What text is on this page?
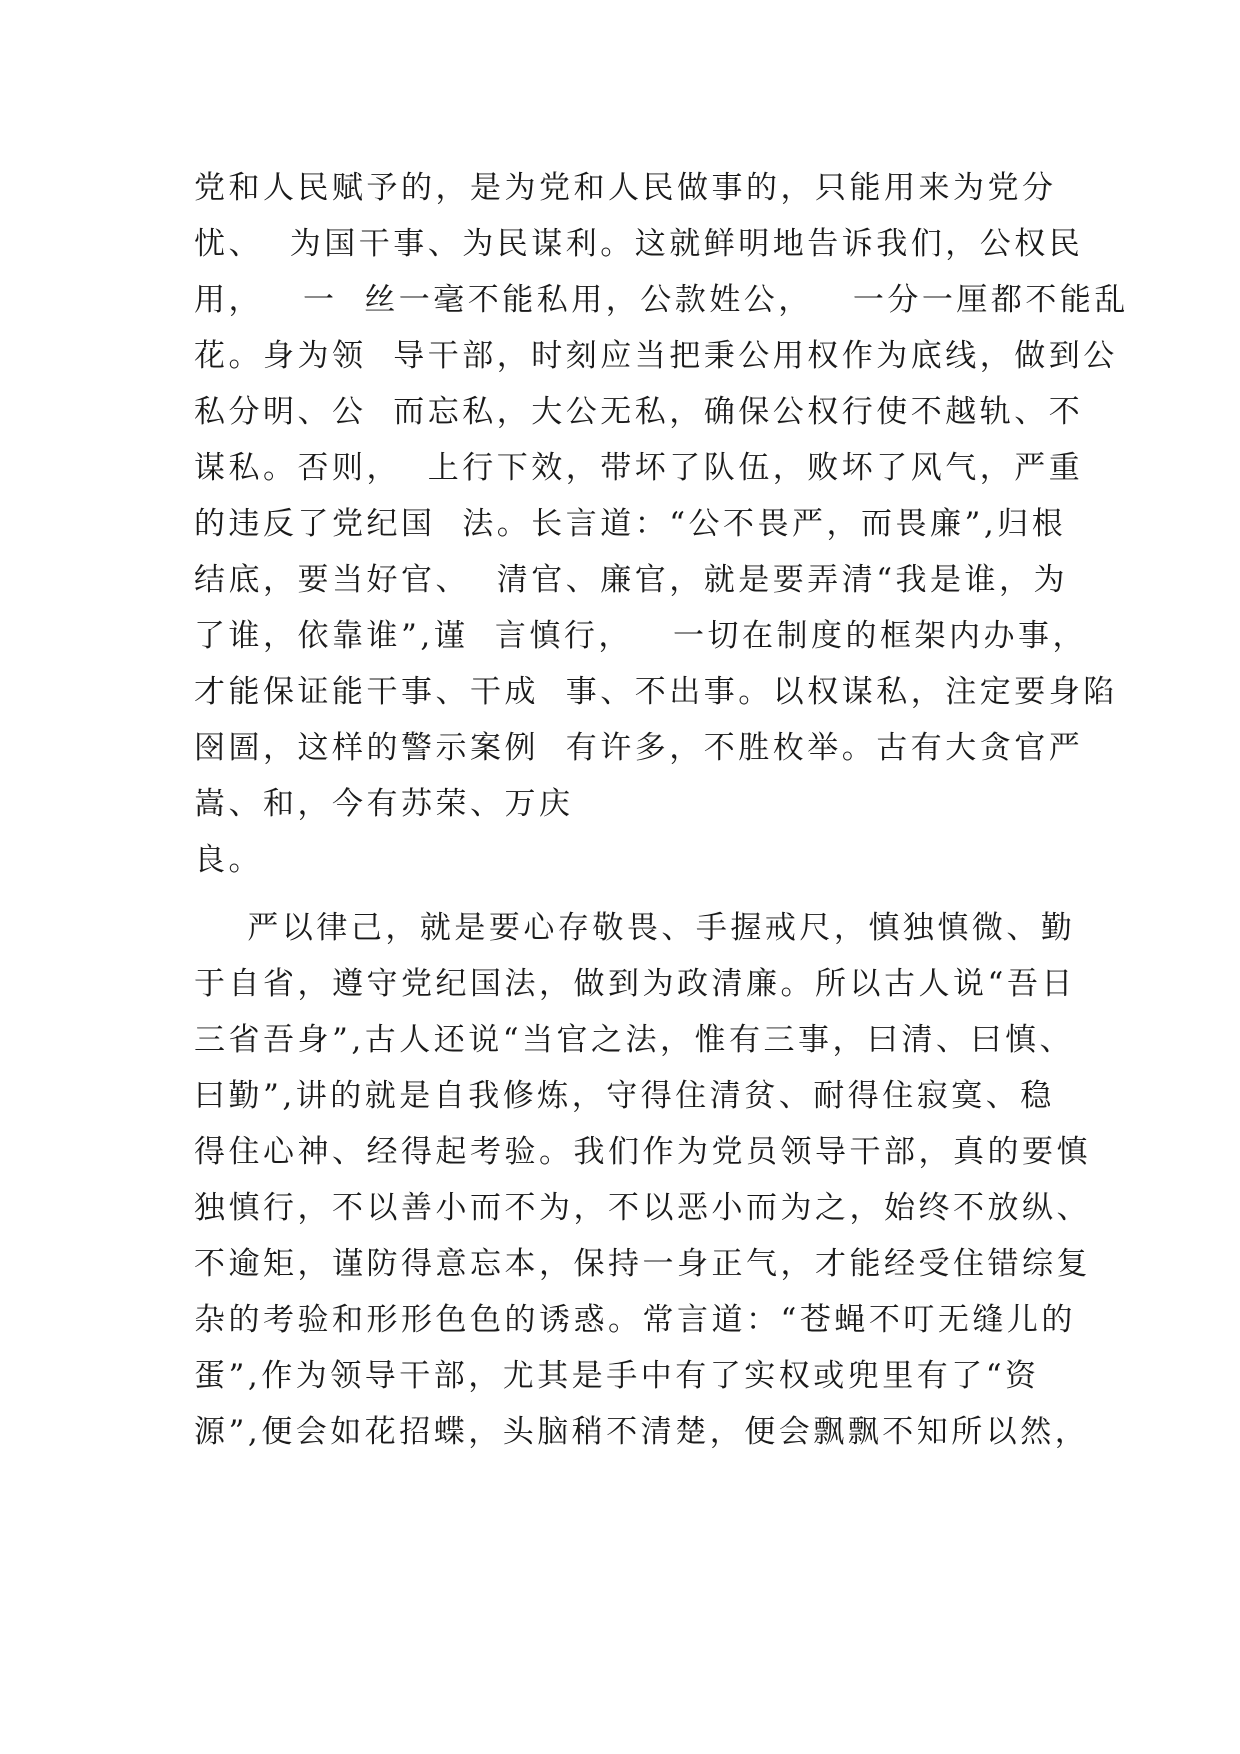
党和人民赋予的，是为党和人民做事的，只能用来为党分
忧、  为国干事、为民谋利。这就鲜明地告诉我们，公权民
用，   一  丝一毫不能私用，公款姓公，   一分一厘都不能乱
花。身为领  导干部，时刻应当把秉公用权作为底线，做到公
私分明、公  而忘私，大公无私，确保公权行使不越轨、不
谋私。否则，  上行下效，带坏了队伍，败坏了风气，严重
的违反了党纪国  法。长言道：“公不畏严，而畏廉”,归根
结底，要当好官、  清官、廉官，就是要弄清“我是谁，为
了谁，依靠谁”,谨  言慎行，   一切在制度的框架内办事，
才能保证能干事、干成  事、不出事。以权谋私，注定要身陷
囹圄，这样的警示案例  有许多，不胜枚举。古有大贪官严
嵩、和，今有苏荣、万庆
良。
严以律己，就是要心存敬畏、手握戒尺，慎独慎微、勤
于自省，遵守党纪国法，做到为政清廉。所以古人说“吾日
三省吾身”,古人还说“当官之法，惟有三事，曰清、曰慎、
曰勤”,讲的就是自我修炼，守得住清贫、耐得住寂寞、稳
得住心神、经得起考验。我们作为党员领导干部，真的要慎
独慎行，不以善小而不为，不以恶小而为之，始终不放纵、
不逾矩，谨防得意忘本，保持一身正气，才能经受住错综复
杂的考验和形形色色的诱惑。常言道：“苍蝇不叮无缝儿的
蛋”,作为领导干部，尤其是手中有了实权或兜里有了“资
源”,便会如花招蝶，头脑稍不清楚，便会飘飘不知所以然，
